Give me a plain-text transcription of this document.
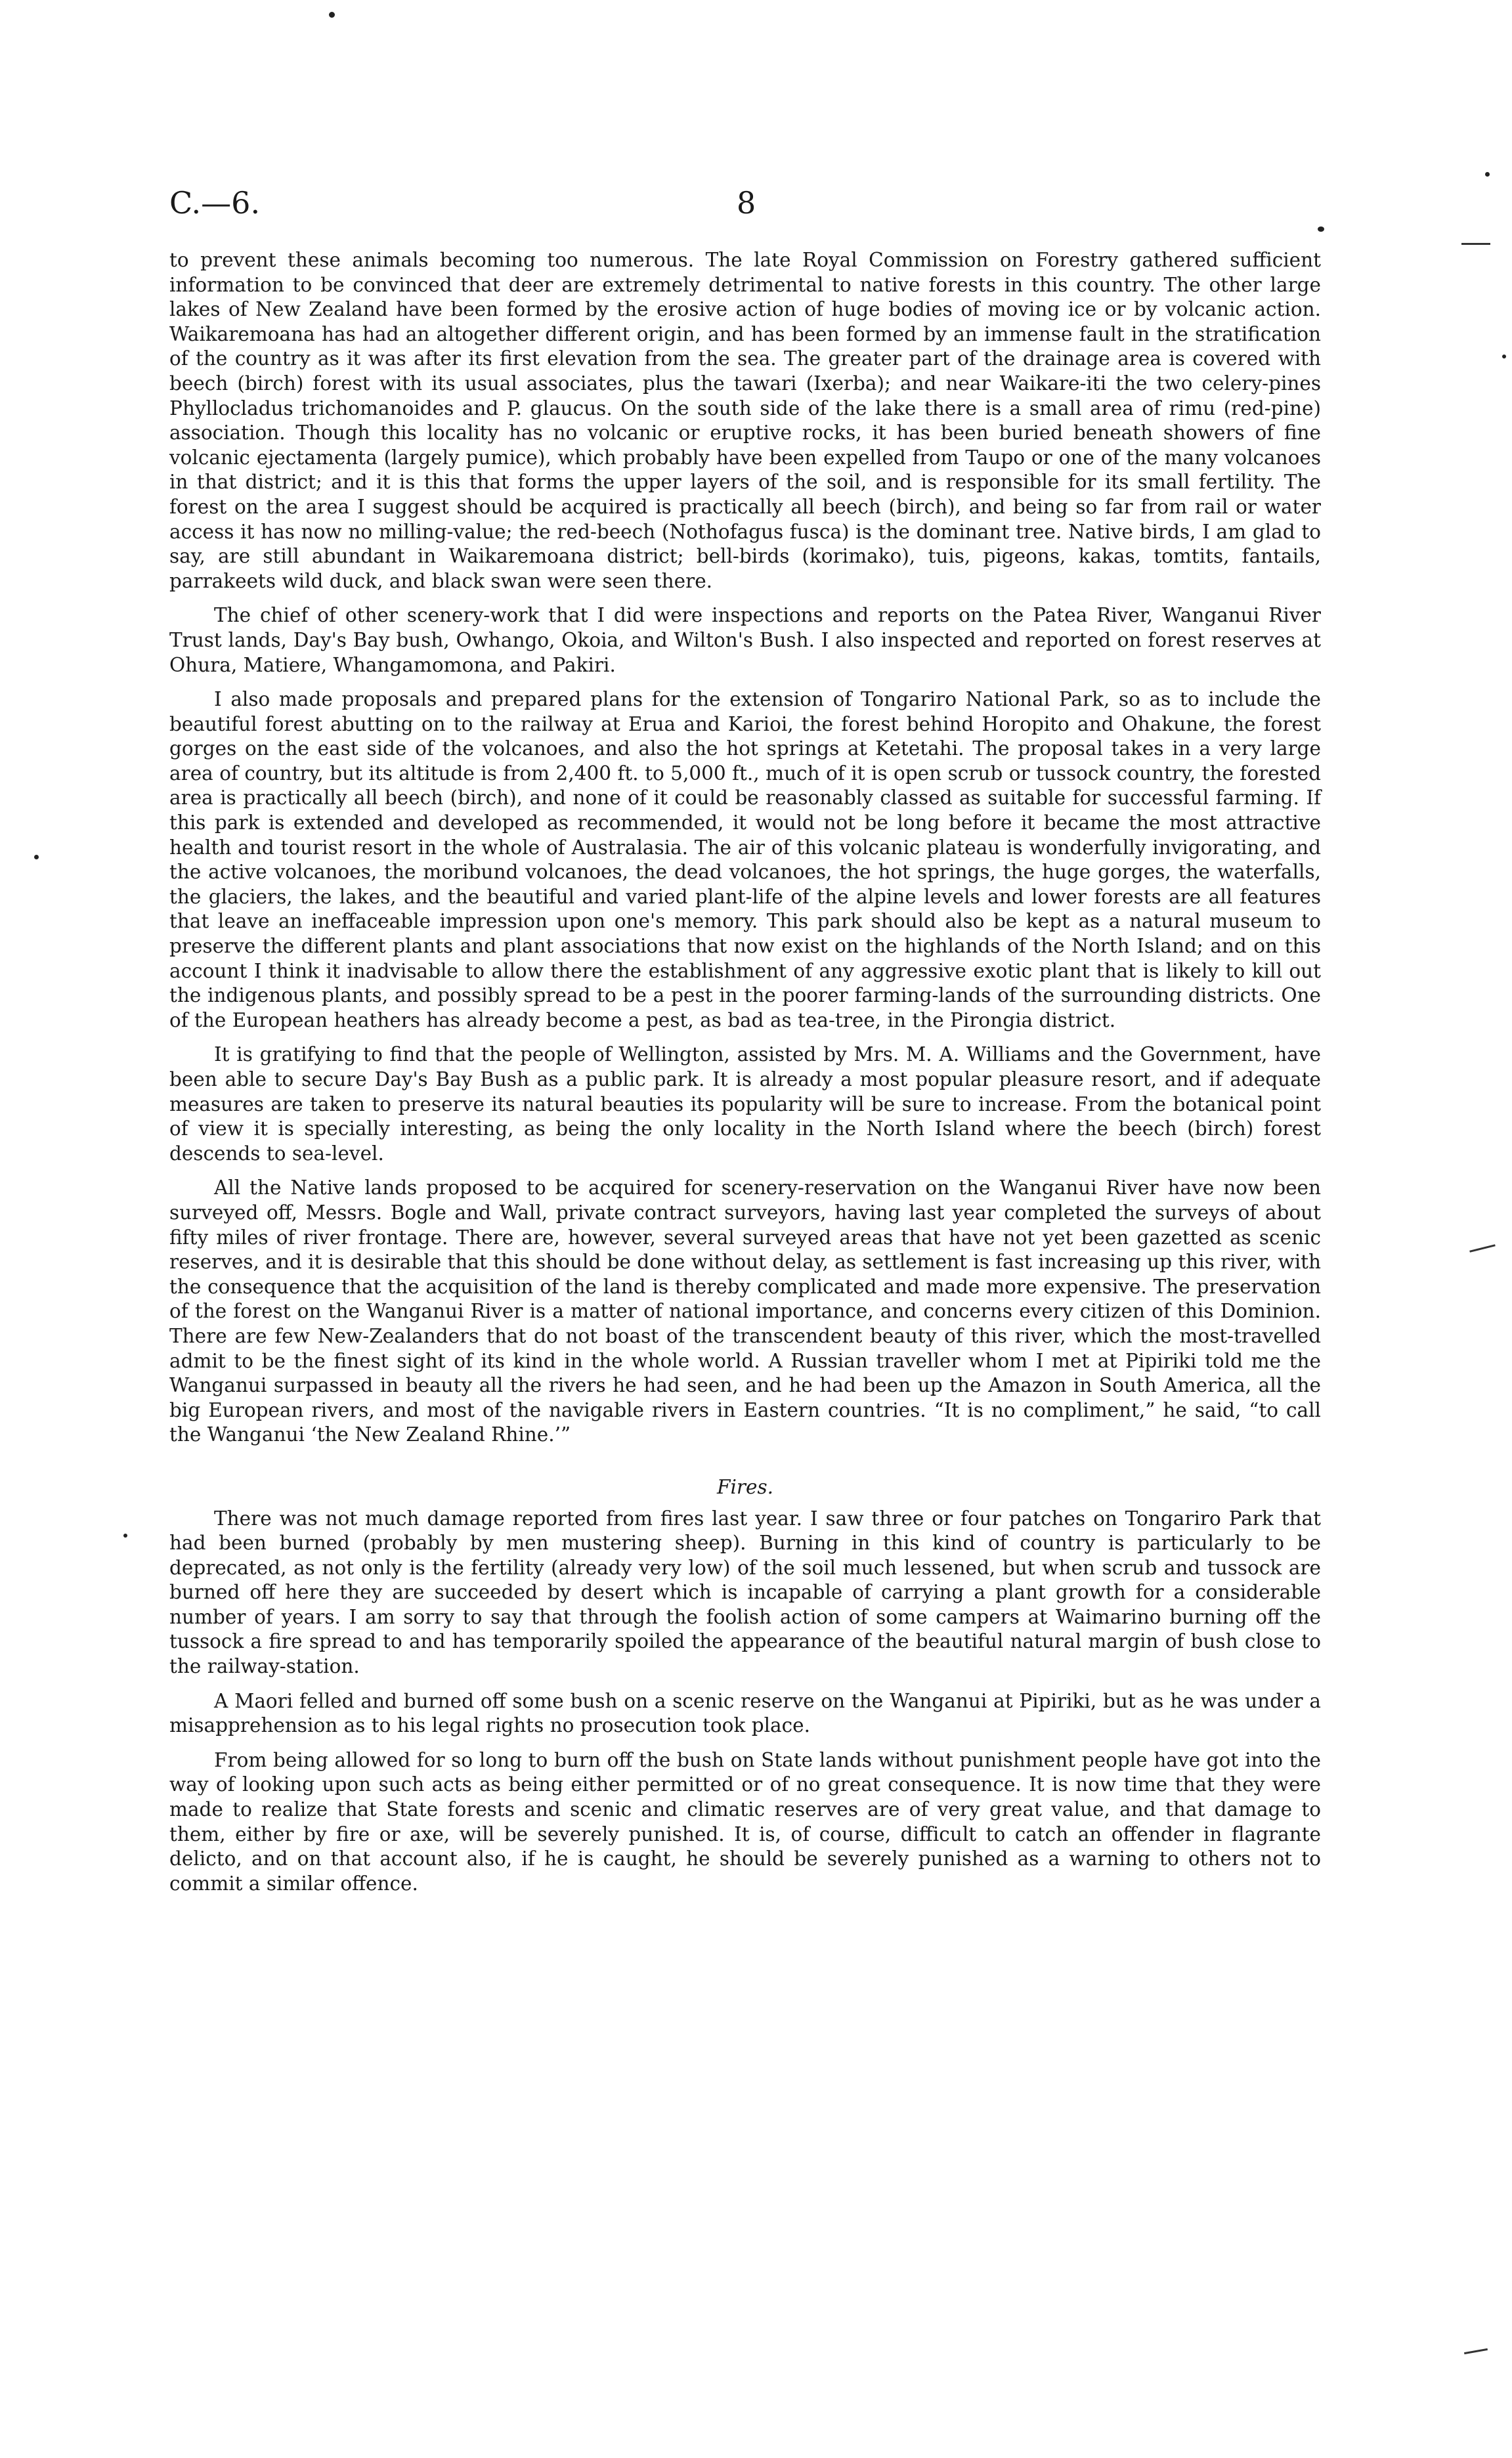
C.—6.	8

to prevent these animals becoming too numerous. The late Royal Commission on Forestry gathered sufficient information to be convinced that deer are extremely detrimental to native forests in this country. The other large lakes of New Zealand have been formed by the erosive action of huge bodies of moving ice or by volcanic action. Waikaremoana has had an altogether different origin, and has been formed by an immense fault in the stratification of the country as it was after its first elevation from the sea. The greater part of the drainage area is covered with beech (birch) forest with its usual associates, plus the tawari (Ixerba); and near Waikare-iti the two celery-pines Phyllocladus trichomanoides and P. glaucus. On the south side of the lake there is a small area of rimu (red-pine) association. Though this locality has no volcanic or eruptive rocks, it has been buried beneath showers of fine volcanic ejectamenta (largely pumice), which probably have been expelled from Taupo or one of the many volcanoes in that district; and it is this that forms the upper layers of the soil, and is responsible for its small fertility. The forest on the area I suggest should be acquired is practically all beech (birch), and being so far from rail or water access it has now no milling-value; the red-beech (Nothofagus fusca) is the dominant tree. Native birds, I am glad to say, are still abundant in Waikaremoana district; bell-birds (korimako), tuis, pigeons, kakas, tomtits, fantails, parrakeets wild duck, and black swan were seen there.

The chief of other scenery-work that I did were inspections and reports on the Patea River, Wanganui River Trust lands, Day's Bay bush, Owhango, Okoia, and Wilton's Bush. I also inspected and reported on forest reserves at Ohura, Matiere, Whangamomona, and Pakiri.

I also made proposals and prepared plans for the extension of Tongariro National Park, so as to include the beautiful forest abutting on to the railway at Erua and Karioi, the forest behind Horopito and Ohakune, the forest gorges on the east side of the volcanoes, and also the hot springs at Ketetahi. The proposal takes in a very large area of country, but its altitude is from 2,400 ft. to 5,000 ft., much of it is open scrub or tussock country, the forested area is practically all beech (birch), and none of it could be reasonably classed as suitable for successful farming. If this park is extended and developed as recommended, it would not be long before it became the most attractive health and tourist resort in the whole of Australasia. The air of this volcanic plateau is wonderfully invigorating, and the active volcanoes, the moribund volcanoes, the dead volcanoes, the hot springs, the huge gorges, the waterfalls, the glaciers, the lakes, and the beautiful and varied plant-life of the alpine levels and lower forests are all features that leave an ineffaceable impression upon one's memory. This park should also be kept as a natural museum to preserve the different plants and plant associations that now exist on the highlands of the North Island; and on this account I think it inadvisable to allow there the establishment of any aggressive exotic plant that is likely to kill out the indigenous plants, and possibly spread to be a pest in the poorer farming-lands of the surrounding districts. One of the European heathers has already become a pest, as bad as tea-tree, in the Pirongia district.

It is gratifying to find that the people of Wellington, assisted by Mrs. M. A. Williams and the Government, have been able to secure Day's Bay Bush as a public park. It is already a most popular pleasure resort, and if adequate measures are taken to preserve its natural beauties its popularity will be sure to increase. From the botanical point of view it is specially interesting, as being the only locality in the North Island where the beech (birch) forest descends to sea-level.

All the Native lands proposed to be acquired for scenery-reservation on the Wanganui River have now been surveyed off, Messrs. Bogle and Wall, private contract surveyors, having last year completed the surveys of about fifty miles of river frontage. There are, however, several surveyed areas that have not yet been gazetted as scenic reserves, and it is desirable that this should be done without delay, as settlement is fast increasing up this river, with the consequence that the acquisition of the land is thereby complicated and made more expensive. The preservation of the forest on the Wanganui River is a matter of national importance, and concerns every citizen of this Dominion. There are few New-Zealanders that do not boast of the transcendent beauty of this river, which the most-travelled admit to be the finest sight of its kind in the whole world. A Russian traveller whom I met at Pipiriki told me the Wanganui surpassed in beauty all the rivers he had seen, and he had been up the Amazon in South America, all the big European rivers, and most of the navigable rivers in Eastern countries. “It is no compliment,” he said, “to call the Wanganui ‘the New Zealand Rhine.’”

Fires.

There was not much damage reported from fires last year. I saw three or four patches on Tongariro Park that had been burned (probably by men mustering sheep). Burning in this kind of country is particularly to be deprecated, as not only is the fertility (already very low) of the soil much lessened, but when scrub and tussock are burned off here they are succeeded by desert which is incapable of carrying a plant growth for a considerable number of years. I am sorry to say that through the foolish action of some campers at Waimarino burning off the tussock a fire spread to and has temporarily spoiled the appearance of the beautiful natural margin of bush close to the railway-station.

A Maori felled and burned off some bush on a scenic reserve on the Wanganui at Pipiriki, but as he was under a misapprehension as to his legal rights no prosecution took place.

From being allowed for so long to burn off the bush on State lands without punishment people have got into the way of looking upon such acts as being either permitted or of no great consequence. It is now time that they were made to realize that State forests and scenic and climatic reserves are of very great value, and that damage to them, either by fire or axe, will be severely punished. It is, of course, difficult to catch an offender in flagrante delicto, and on that account also, if he is caught, he should be severely punished as a warning to others not to commit a similar offence.
